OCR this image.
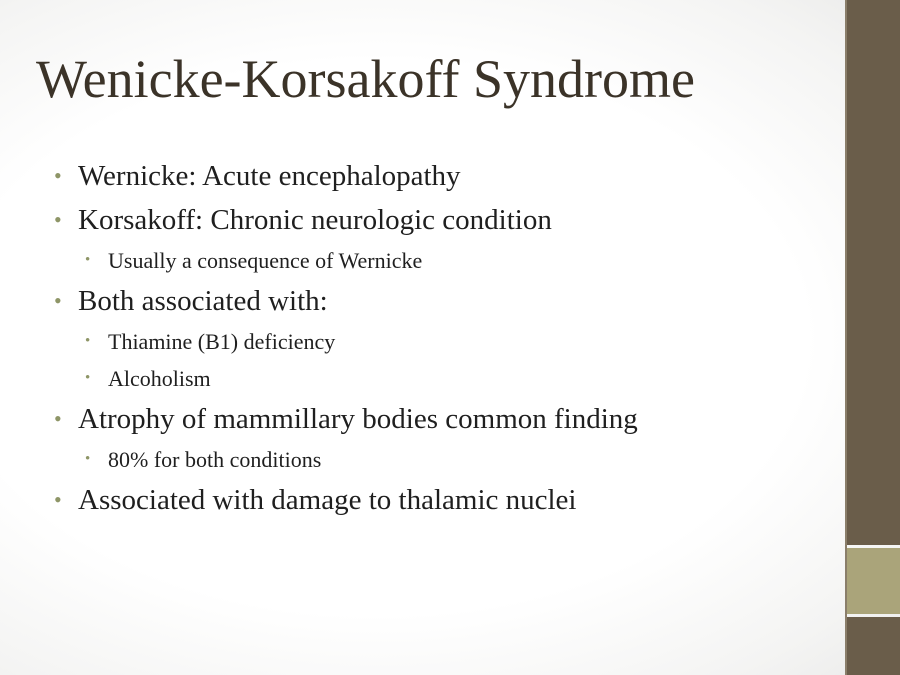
Wenicke-Korsakoff Syndrome
• Wernicke: Acute encephalopathy
• Korsakoff: Chronic neurologic condition
• Usually a consequence of Wernicke
• Both associated with:
• Thiamine (B1) deficiency
• Alcoholism
• Atrophy of mammillary bodies common finding
• 80% for both conditions
• Associated with damage to thalamic nuclei
